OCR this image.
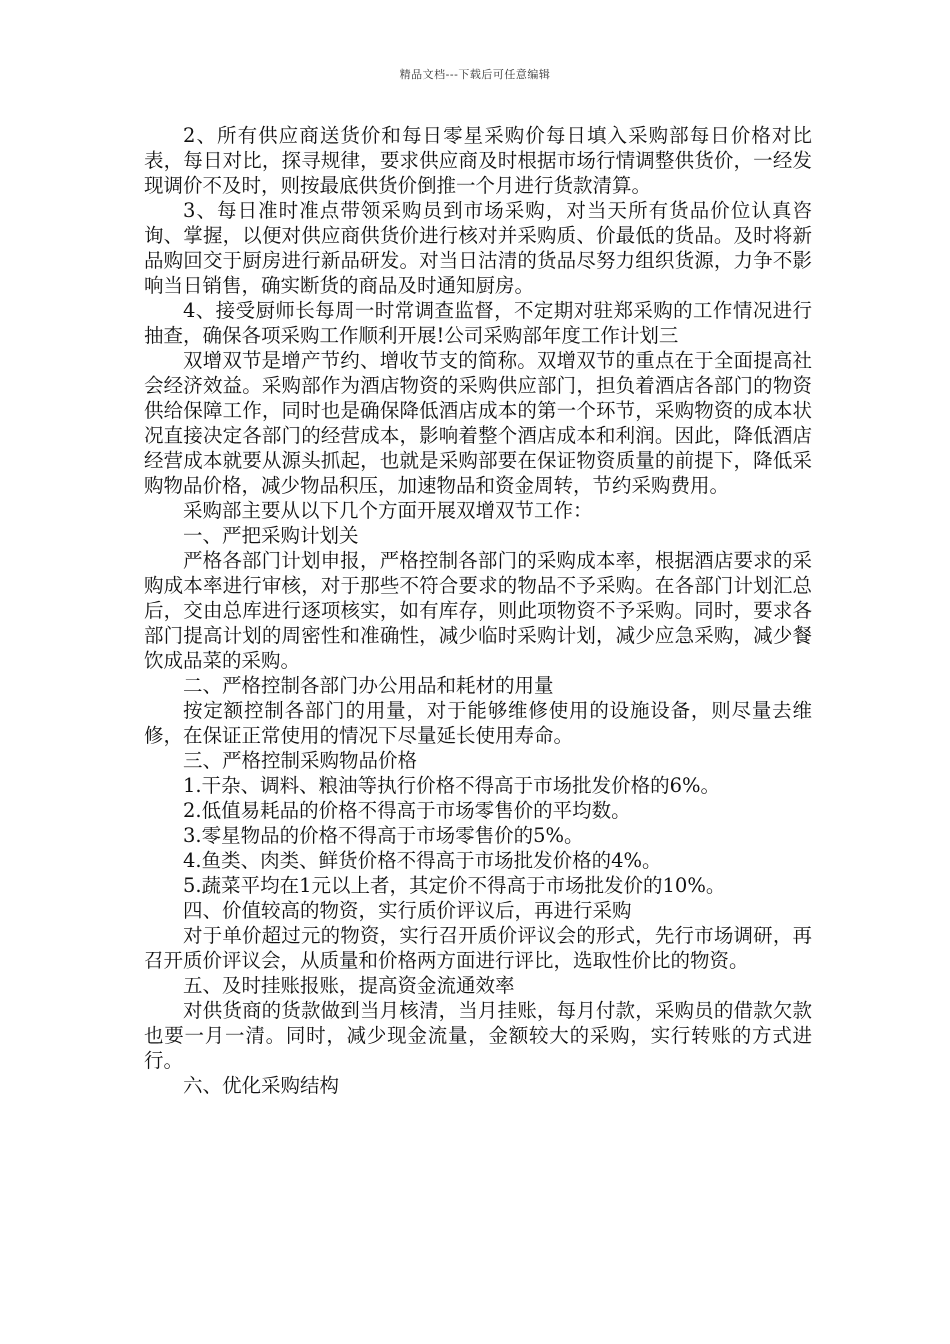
精品文档---下载后可任意编辑

2、所有供应商送货价和每日零星采购价每日填入采购部每日价格对比表，每日对比，探寻规律，要求供应商及时根据市场行情调整供货价，一经发现调价不及时，则按最底供货价倒推一个月进行货款清算。

3、每日准时准点带领采购员到市场采购，对当天所有货品价位认真咨询、掌握，以便对供应商供货价进行核对并采购质、价最低的货品。及时将新品购回交于厨房进行新品研发。对当日沽清的货品尽努力组织货源，力争不影响当日销售，确实断货的商品及时通知厨房。

4、接受厨师长每周一时常调查监督，不定期对驻郑采购的工作情况进行抽查，确保各项采购工作顺利开展!公司采购部年度工作计划三

双增双节是增产节约、增收节支的简称。双增双节的重点在于全面提高社会经济效益。采购部作为酒店物资的采购供应部门，担负着酒店各部门的物资供给保障工作，同时也是确保降低酒店成本的第一个环节，采购物资的成本状况直接决定各部门的经营成本，影响着整个酒店成本和利润。因此，降低酒店经营成本就要从源头抓起，也就是采购部要在保证物资质量的前提下，降低采购物品价格，减少物品积压，加速物品和资金周转，节约采购费用。

采购部主要从以下几个方面开展双增双节工作：

一、严把采购计划关

严格各部门计划申报，严格控制各部门的采购成本率，根据酒店要求的采购成本率进行审核，对于那些不符合要求的物品不予采购。在各部门计划汇总后，交由总库进行逐项核实，如有库存，则此项物资不予采购。同时，要求各部门提高计划的周密性和准确性，减少临时采购计划，减少应急采购，减少餐饮成品菜的采购。

二、严格控制各部门办公用品和耗材的用量

按定额控制各部门的用量，对于能够维修使用的设施设备，则尽量去维修，在保证正常使用的情况下尽量延长使用寿命。

三、严格控制采购物品价格

1.干杂、调料、粮油等执行价格不得高于市场批发价格的6%。

2.低值易耗品的价格不得高于市场零售价的平均数。

3.零星物品的价格不得高于市场零售价的5%。

4.鱼类、肉类、鲜货价格不得高于市场批发价格的4%。

5.蔬菜平均在1元以上者，其定价不得高于市场批发价的10%。

四、价值较高的物资，实行质价评议后，再进行采购

对于单价超过元的物资，实行召开质价评议会的形式，先行市场调研，再召开质价评议会，从质量和价格两方面进行评比，选取性价比的物资。

五、及时挂账报账，提高资金流通效率

对供货商的货款做到当月核清，当月挂账，每月付款，采购员的借款欠款也要一月一清。同时，减少现金流量，金额较大的采购，实行转账的方式进行。

六、优化采购结构
